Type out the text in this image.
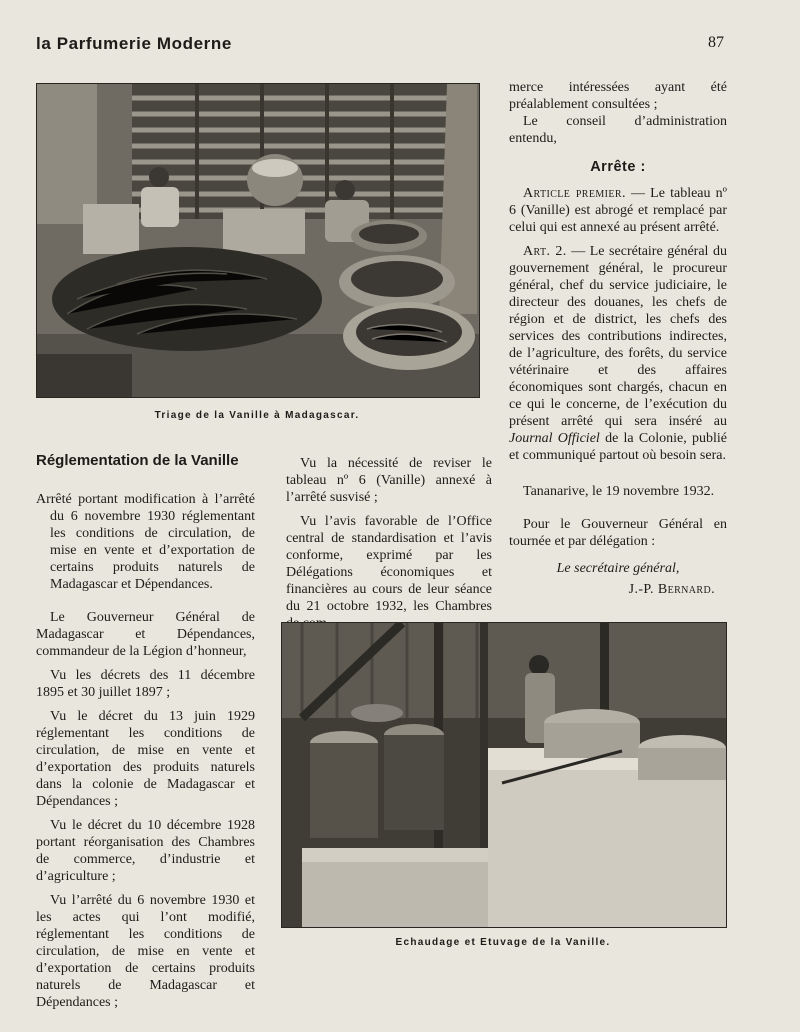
la Parfumerie Moderne	87
Triage de la Vanille à Madagascar.

merce intéressées ayant été préalablement consultées ;

Le conseil d’administration entendu,

Arrête :

Article premier. — Le tableau nº 6 (Vanille) est abrogé et remplacé par celui qui est annexé au présent arrêté.

Art. 2. — Le secrétaire général du gouvernement général, le procureur général, chef du service judiciaire, le directeur des douanes, les chefs de région et de district, les chefs des services des contributions indirectes, de l’agriculture, des forêts, du service vétérinaire et des affaires économiques sont chargés, chacun en ce qui le concerne, de l’exécution du présent arrêté qui sera inséré au Journal Officiel de la Colonie, publié et communiqué partout où besoin sera.

Tananarive, le 19 novembre 1932.

Pour le Gouverneur Général en tournée et par délégation :

Le secrétaire général,

J.-P. Bernard.

Réglementation de la Vanille

Arrêté portant modification à l’arrêté du 6 novembre 1930 réglementant les conditions de circulation, de mise en vente et d’exportation de certains produits naturels de Madagascar et Dépendances.

Le Gouverneur Général de Madagascar et Dépendances, commandeur de la Légion d’honneur,

Vu les décrets des 11 décembre 1895 et 30 juillet 1897 ;

Vu le décret du 13 juin 1929 réglementant les conditions de circulation, de mise en vente et d’exportation des produits naturels dans la colonie de Madagascar et Dépendances ;

Vu le décret du 10 décembre 1928 portant réorganisation des Chambres de commerce, d’industrie et d’agriculture ;

Vu l’arrêté du 6 novembre 1930 et les actes qui l’ont modifié, réglementant les conditions de circulation, de mise en vente et d’exportation de certains produits naturels de Madagascar et Dépendances ;

Vu la nécessité de reviser le tableau nº 6 (Vanille) annexé à l’arrêté susvisé ;

Vu l’avis favorable de l’Office central de standardisation et l’avis conforme, exprimé par les Délégations économiques et financières au cours de leur séance du 21 octobre 1932, les Chambres

Echaudage et Etuvage de la Vanille.
